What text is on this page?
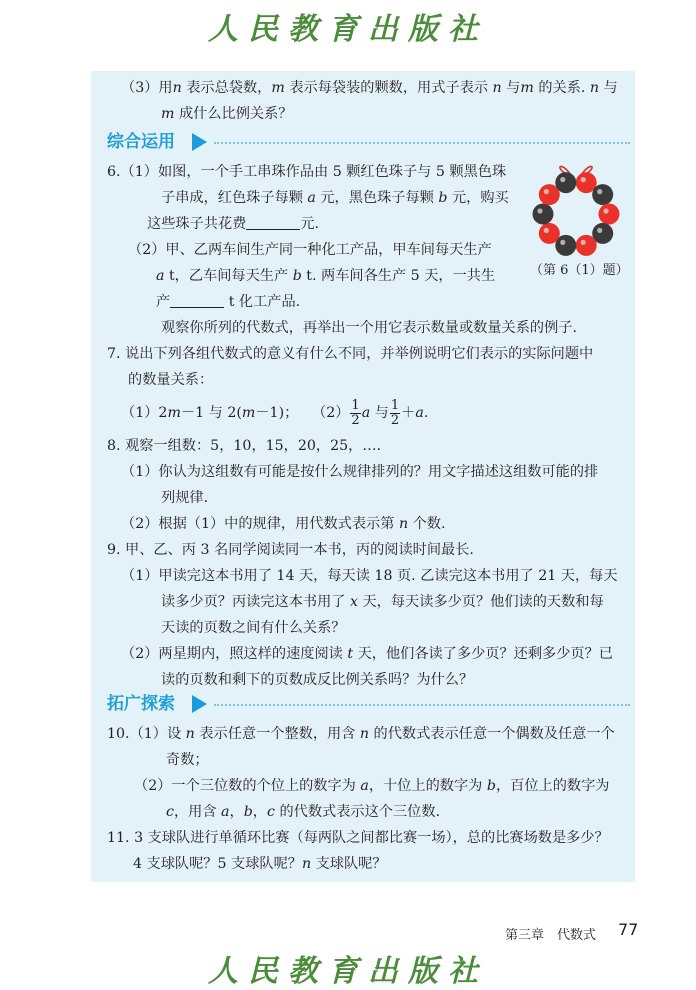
人民教育出版社
（3）用n 表示总袋数，m 表示每袋装的颗数，用式子表示 n 与m 的关系. n 与
m 成什么比例关系？
综合运用
6.（1）如图，一个手工串珠作品由 5 颗红色珠子与 5 颗黑色珠
子串成，红色珠子每颗 a 元，黑色珠子每颗 b 元，购买
这些珠子共花费	元.
（2）甲、乙两车间生产同一种化工产品，甲车间每天生产
a t，乙车间每天生产 b t. 两车间各生产 5 天，一共生
产	t 化工产品.
观察你所列的代数式，再举出一个用它表示数量或数量关系的例子.
（第 6（1）题）
7. 说出下列各组代数式的意义有什么不同，并举例说明它们表示的实际问题中
的数量关系：
（1）2m－1 与 2(m－1)； $(2) \frac{1}{2}$ a 与 $\frac{1}{2} +a$.
8. 观察一组数：5，10，15，20，25，….
（1）你认为这组数有可能是按什么规律排列的？用文字描述这组数可能的排
列规律.
（2）根据（1）中的规律，用代数式表示第 n 个数.
9. 甲、乙、丙 3 名同学阅读同一本书，丙的阅读时间最长.
（1）甲读完这本书用了 14 天，每天读 18 页. 乙读完这本书用了 21 天，每天
读多少页？丙读完这本书用了 x 天，每天读多少页？他们读的天数和每
天读的页数之间有什么关系？
（2）两星期内，照这样的速度阅读 t 天，他们各读了多少页？还剩多少页？已
读的页数和剩下的页数成反比例关系吗？为什么？
拓广探索
10.（1）设 n 表示任意一个整数，用含 n 的代数式表示任意一个偶数及任意一个
奇数；
（2）一个三位数的个位上的数字为 a，十位上的数字为 b，百位上的数字为
c，用含 a，b，c 的代数式表示这个三位数.
11. 3 支球队进行单循环比赛（每两队之间都比赛一场），总的比赛场数是多少？
4 支球队呢？5 支球队呢？n 支球队呢？
第三章　代数式 77
人民教育出版社
